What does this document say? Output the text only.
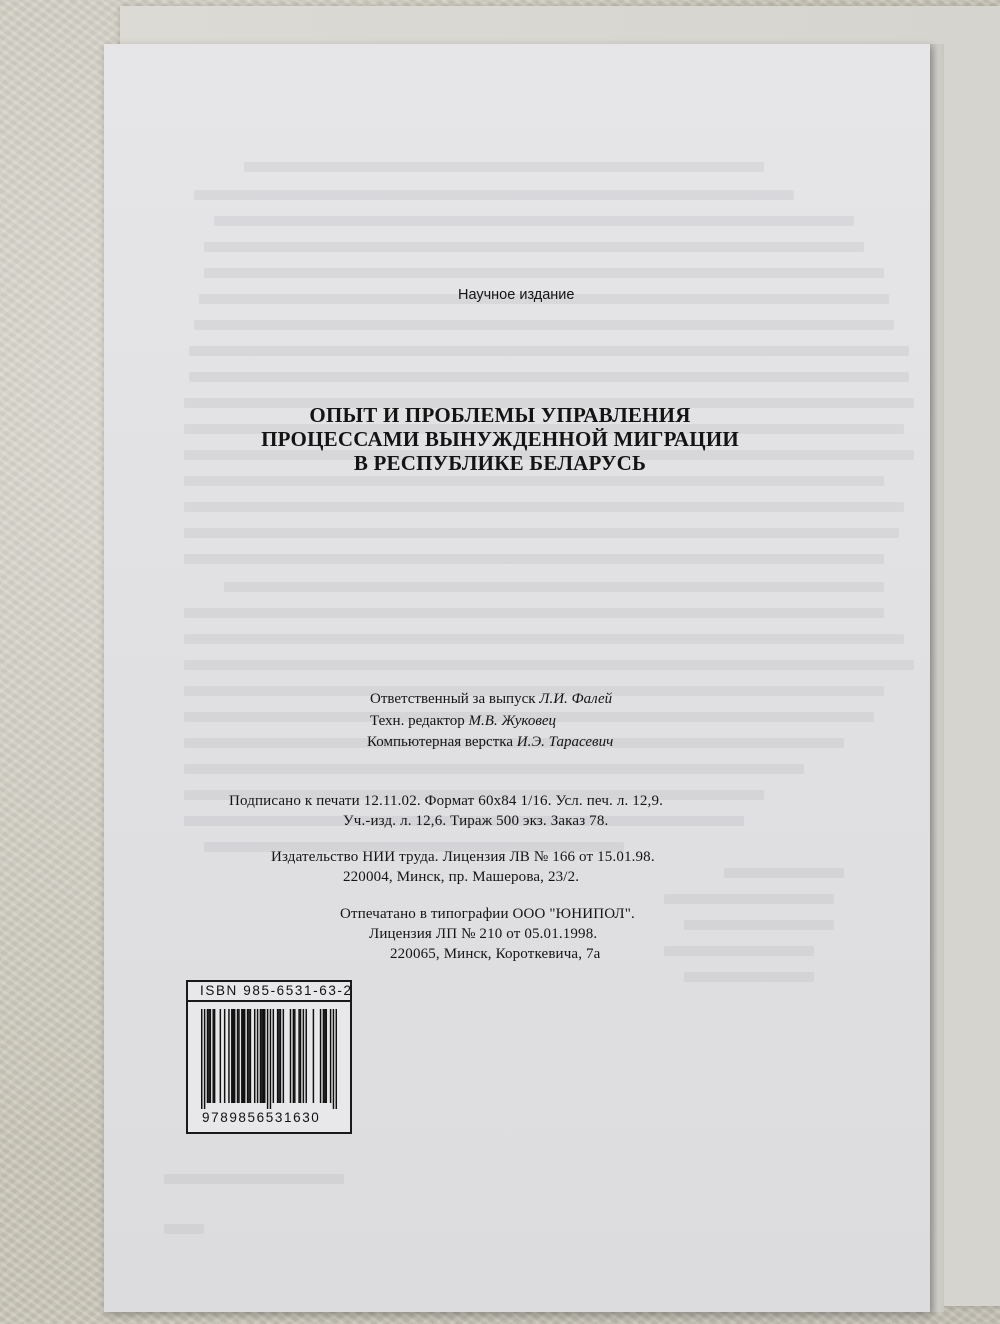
Научное издание
ОПЫТ И ПРОБЛЕМЫ УПРАВЛЕНИЯ
ПРОЦЕССАМИ ВЫНУЖДЕННОЙ МИГРАЦИИ
В РЕСПУБЛИКЕ БЕЛАРУСЬ
Ответственный за выпуск Л.И. Фалей
Техн. редактор М.В. Жуковец
Компьютерная верстка И.Э. Тарасевич
Подписано к печати 12.11.02. Формат 60х84 1/16. Усл. печ. л. 12,9.
Уч.-изд. л. 12,6. Тираж 500 экз. Заказ 78.
Издательство НИИ труда. Лицензия ЛВ № 166 от 15.01.98.
220004, Минск, пр. Машерова, 23/2.
Отпечатано в типографии ООО "ЮНИПОЛ".
Лицензия ЛП № 210 от 05.01.1998.
220065, Минск, Короткевича, 7а
ISBN 985-6531-63-2
9789856531630
